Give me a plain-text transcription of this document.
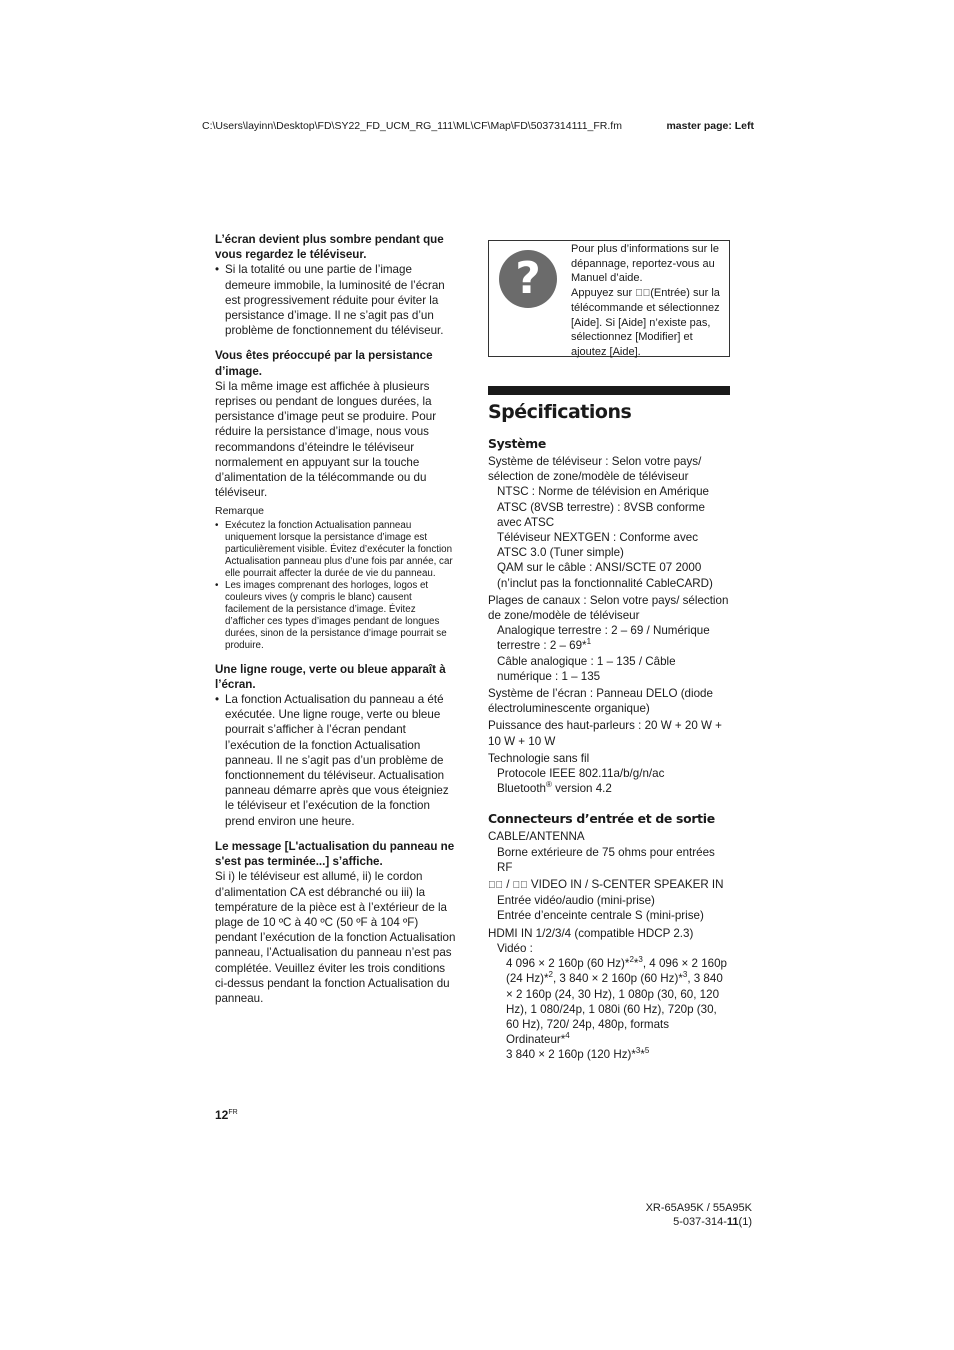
C:\Users\layinn\Desktop\FD\SY22_FD_UCM_RG_111\ML\CF\Map\FD\5037314111_FR.fm	master page: Left

L’écran devient plus sombre pendant que vous regardez le téléviseur.

• Si la totalité ou une partie de l’image demeure immobile, la luminosité de l’écran est progressivement réduite pour éviter la persistance d’image. Il ne s’agit pas d’un problème de fonctionnement du téléviseur.

Vous êtes préoccupé par la persistance d’image.

Si la même image est affichée à plusieurs reprises ou pendant de longues durées, la persistance d’image peut se produire. Pour réduire la persistance d’image, nous vous recommandons d’éteindre le téléviseur normalement en appuyant sur la touche d’alimentation de la télécommande ou du téléviseur.

Remarque

• Exécutez la fonction Actualisation panneau uniquement lorsque la persistance d’image est particulièrement visible. Évitez d’exécuter la fonction Actualisation panneau plus d’une fois par année, car elle pourrait affecter la durée de vie du panneau.

• Les images comprenant des horloges, logos et couleurs vives (y compris le blanc) causent facilement de la persistance d’image. Évitez d’afficher ces types d’images pendant de longues durées, sinon de la persistance d’image pourrait se produire.

Une ligne rouge, verte ou bleue apparaît à l’écran.

• La fonction Actualisation du panneau a été exécutée. Une ligne rouge, verte ou bleue pourrait s’afficher à l’écran pendant l’exécution de la fonction Actualisation panneau. Il ne s’agit pas d’un problème de fonctionnement du téléviseur. Actualisation panneau démarre après que vous éteigniez le téléviseur et l’exécution de la fonction prend environ une heure.

Le message [L'actualisation du panneau ne s'est pas terminée...] s’affiche.

Si i) le téléviseur est allumé, ii) le cordon d’alimentation CA est débranché ou iii) la température de la pièce est à l’extérieur de la plage de 10 ºC à 40 ºC (50 ºF à 104 ºF) pendant l’exécution de la fonction Actualisation panneau, l’Actualisation du panneau n’est pas complétée. Veuillez éviter les trois conditions ci-dessus pendant la fonction Actualisation du panneau.

?

Pour plus d’informations sur le dépannage, reportez-vous au Manuel d’aide.

Appuyez sur ⇥⃝(Entrée) sur la télécommande et sélectionnez [Aide]. Si [Aide] n’existe pas, sélectionnez [Modifier] et ajoutez [Aide].

Spécifications
Système

Système de téléviseur : Selon votre pays/ sélection de zone/modèle de téléviseur

NTSC : Norme de télévision en Amérique

ATSC (8VSB terrestre) : 8VSB conforme avec ATSC

Téléviseur NEXTGEN : Conforme avec ATSC 3.0 (Tuner simple)

QAM sur le câble : ANSI/SCTE 07 2000 (n’inclut pas la fonctionnalité CableCARD)

Plages de canaux : Selon votre pays/ sélection de zone/modèle de téléviseur

Analogique terrestre : 2 – 69 / Numérique terrestre : 2 – 69*$^1$

Câble analogique : 1 – 135 / Câble numérique : 1 – 135

Système de l’écran : Panneau DELO (diode électroluminescente organique)

Puissance des haut-parleurs : 20 W + 20 W + 10 W + 10 W

Technologie sans fil

Protocole IEEE 802.11a/b/g/n/ac

Bluetooth® version 4.2

Connecteurs d’entrée et de sortie

CABLE/ANTENNA

Borne extérieure de 75 ohms pour entrées RF

⇥⃝ / ⇥⃝ VIDEO IN / S-CENTER SPEAKER IN

Entrée vidéo/audio (mini-prise)

Entrée d’enceinte centrale S (mini-prise)

HDMI IN 1/2/3/4 (compatible HDCP 2.3)

Vidéo :

4 096 × 2 160p (60 Hz)*$^2$*$^3$, 4 096 × 2 160p (24 Hz)*$^2$, 3 840 × 2 160p (60 Hz)*$^3$, 3 840 × 2 160p (24, 30 Hz), 1 080p (30, 60, 120 Hz), 1 080/24p, 1 080i (60 Hz), 720p (30, 60 Hz), 720/ 24p, 480p, formats Ordinateur*$^4$

3 840 × 2 160p (120 Hz)*$^3$*$^5$

$12^{FR}$
XR-65A95K / 55A95K
5-037-314-11(1)
